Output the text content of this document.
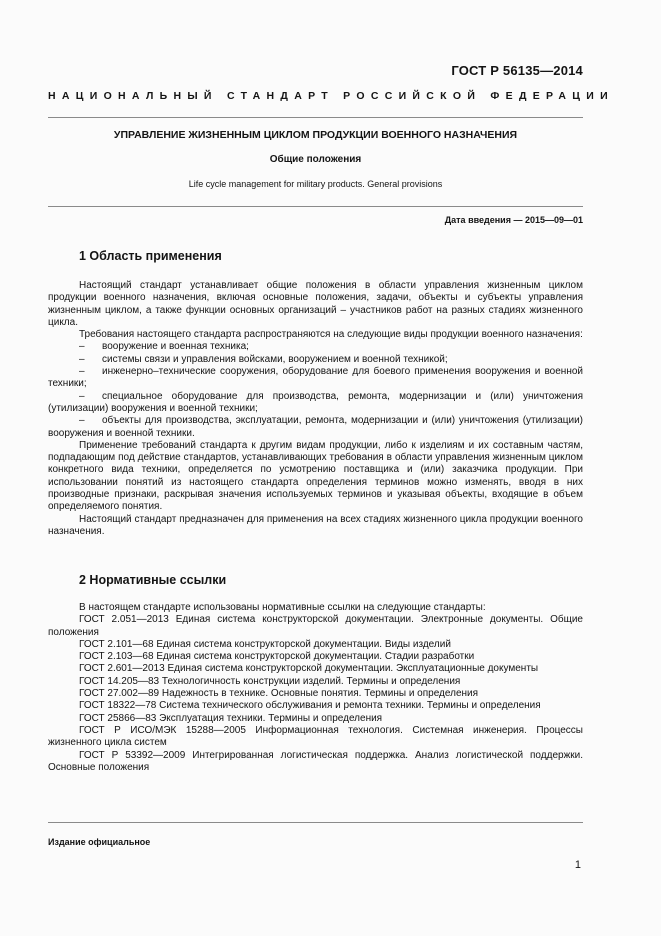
ГОСТ Р 56135—2014
НАЦИОНАЛЬНЫЙ СТАНДАРТ РОССИЙСКОЙ ФЕДЕРАЦИИ
УПРАВЛЕНИЕ ЖИЗНЕННЫМ ЦИКЛОМ ПРОДУКЦИИ ВОЕННОГО НАЗНАЧЕНИЯ
Общие положения
Life cycle management for military products. General provisions
Дата введения — 2015—09—01
1 Область применения

Настоящий стандарт устанавливает общие положения в области управления жизненным циклом продукции военного назначения, включая основные положения, задачи, объекты и субъекты управления жизненным циклом, а также функции основных организаций – участников работ на разных стадиях жизненного цикла.

Требования настоящего стандарта распространяются на следующие виды продукции военного назначения:

– вооружение и военная техника;

– системы связи и управления войсками, вооружением и военной техникой;

– инженерно–технические сооружения, оборудование для боевого применения вооружения и военной техники;

– специальное оборудование для производства, ремонта, модернизации и (или) уничтожения (утилизации) вооружения и военной техники;

– объекты для производства, эксплуатации, ремонта, модернизации и (или) уничтожения (утилизации) вооружения и военной техники.

Применение требований стандарта к другим видам продукции, либо к изделиям и их составным частям, подпадающим под действие стандартов, устанавливающих требования в области управления жизненным циклом конкретного вида техники, определяется по усмотрению поставщика и (или) заказчика продукции. При использовании понятий из настоящего стандарта определения терминов можно изменять, вводя в них производные признаки, раскрывая значения используемых терминов и указывая объекты, входящие в объем определяемого понятия.

Настоящий стандарт предназначен для применения на всех стадиях жизненного цикла продукции военного назначения.

2 Нормативные ссылки

В настоящем стандарте использованы нормативные ссылки на следующие стандарты:

ГОСТ 2.051—2013 Единая система конструкторской документации. Электронные документы. Общие положения

ГОСТ 2.101—68 Единая система конструкторской документации. Виды изделий

ГОСТ 2.103—68 Единая система конструкторской документации. Стадии разработки

ГОСТ 2.601—2013 Единая система конструкторской документации. Эксплуатационные документы

ГОСТ 14.205—83 Технологичность конструкции изделий. Термины и определения

ГОСТ 27.002—89 Надежность в технике. Основные понятия. Термины и определения

ГОСТ 18322—78 Система технического обслуживания и ремонта техники. Термины и определения

ГОСТ 25866—83 Эксплуатация техники. Термины и определения

ГОСТ Р ИСО/МЭК 15288—2005 Информационная технология. Системная инженерия. Процессы жизненного цикла систем

ГОСТ Р 53392—2009 Интегрированная логистическая поддержка. Анализ логистической поддержки. Основные положения

Издание официальное
1
